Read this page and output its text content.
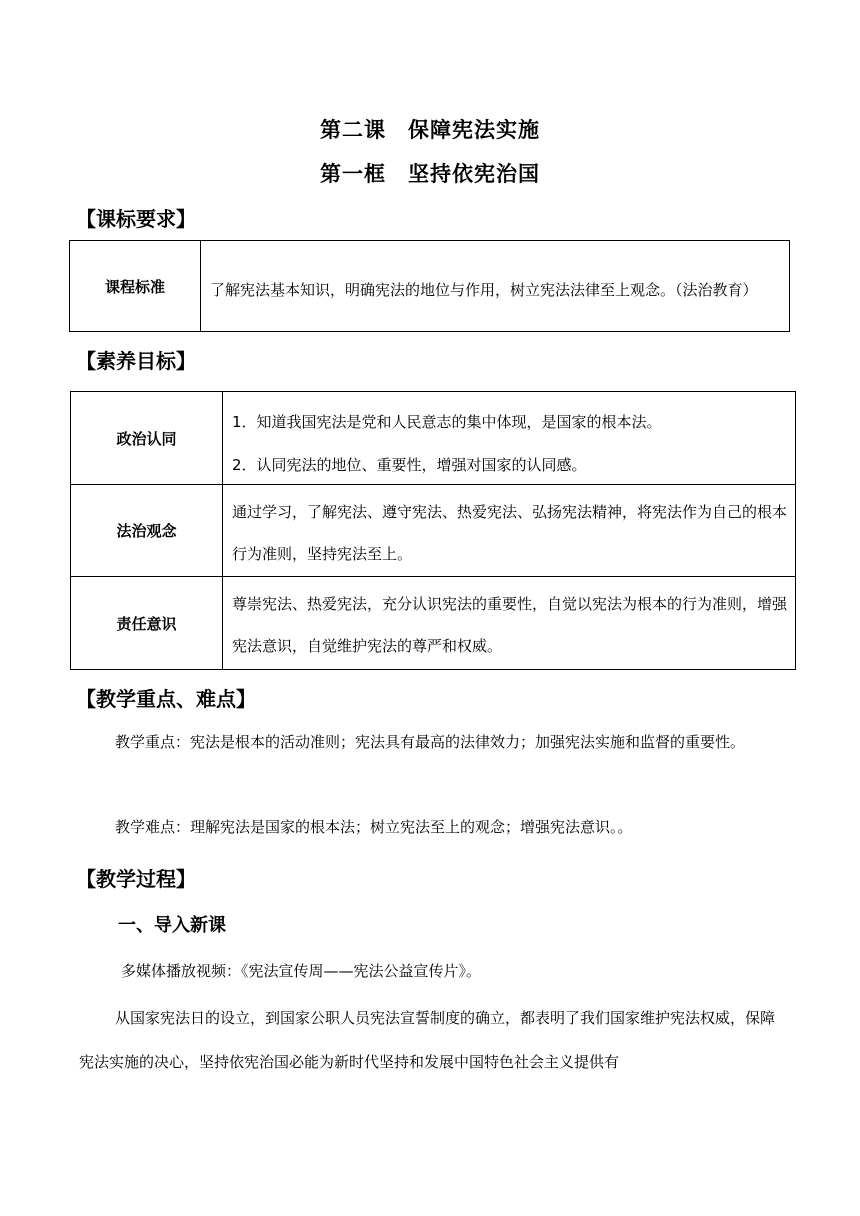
第二课　保障宪法实施
第一框　坚持依宪治国
【课标要求】
课程标准	了解宪法基本知识，明确宪法的地位与作用，树立宪法法律至上观念。（法治教育）
【素养目标】
政治认同	1．知道我国宪法是党和人民意志的集中体现，是国家的根本法。
2．认同宪法的地位、重要性，增强对国家的认同感。

法治观念	通过学习，了解宪法、遵守宪法、热爱宪法、弘扬宪法精神，将宪法作为自己的根本行为准则，坚持宪法至上。
责任意识	尊崇宪法、热爱宪法，充分认识宪法的重要性，自觉以宪法为根本的行为准则，增强宪法意识，自觉维护宪法的尊严和权威。
【教学重点、难点】
教学重点：宪法是根本的活动准则；宪法具有最高的法律效力；加强宪法实施和监督的重要性。
教学难点：理解宪法是国家的根本法；树立宪法至上的观念；增强宪法意识。。
【教学过程】
一、导入新课
多媒体播放视频：《宪法宣传周——宪法公益宣传片》。
从国家宪法日的设立，到国家公职人员宪法宣誓制度的确立，都表明了我们国家维护宪法权威，保障宪法实施的决心，坚持依宪治国必能为新时代坚持和发展中国特色社会主义提供有
